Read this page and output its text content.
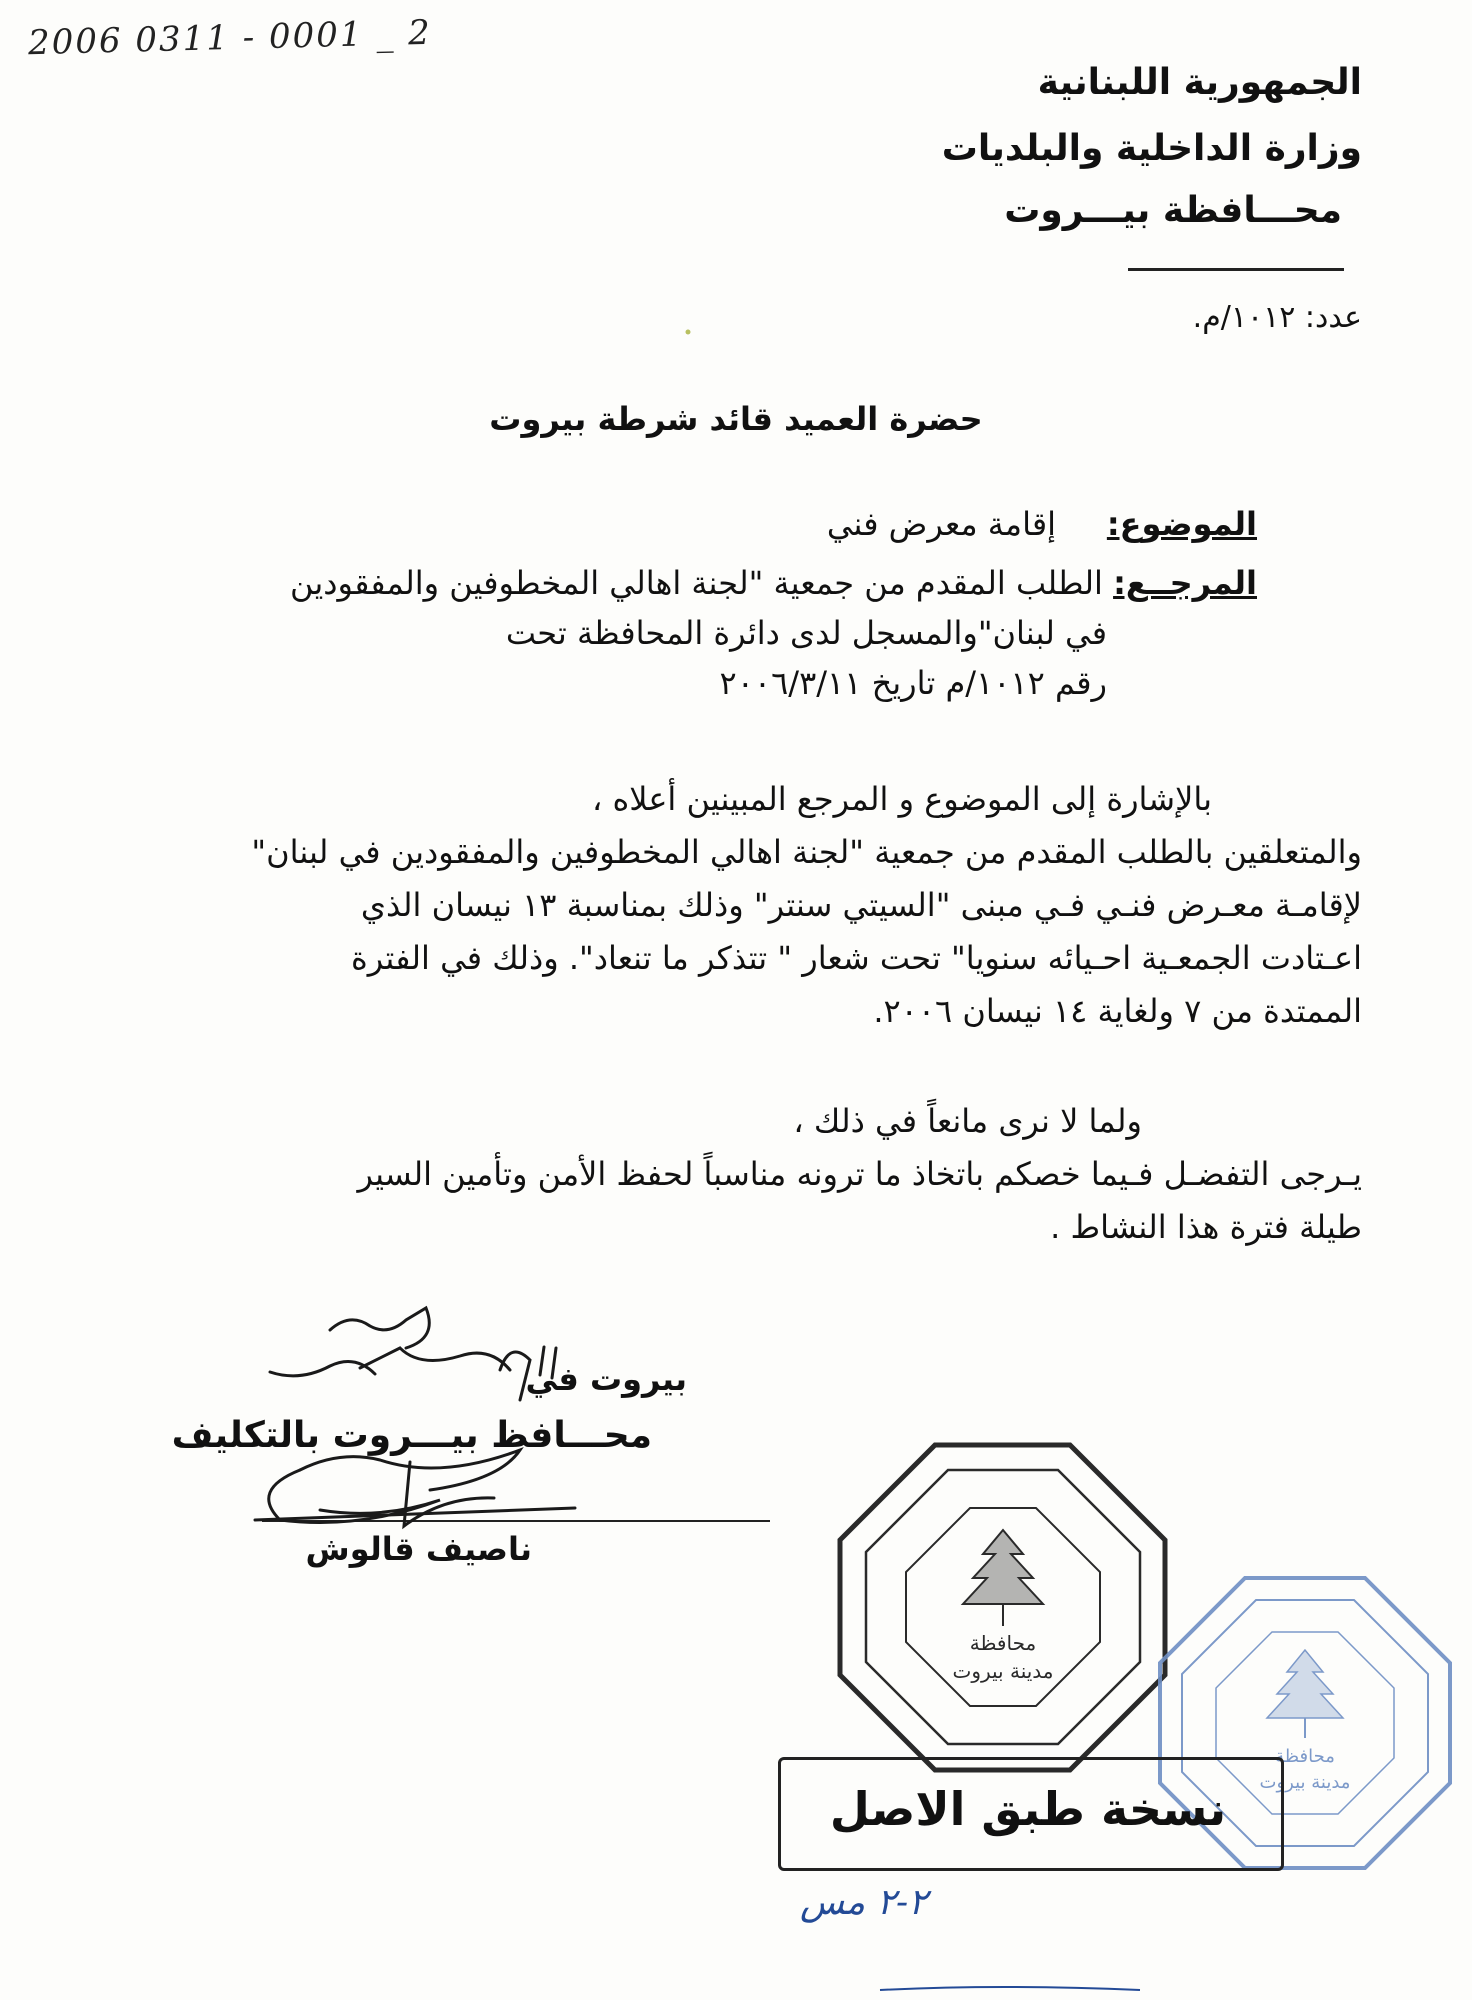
2006 0311 - 0001 _ 2
الجمهورية اللبنانية
وزارة الداخلية والبلديات
محـــافظة بيـــروت
عدد: ١٠١٢/م.
حضرة العميد قائد شرطة بيروت
الموضوع:     إقامة معرض فني
المرجــع: الطلب المقدم من جمعية "لجنة اهالي المخطوفين والمفقودين
في لبنان"والمسجل لدى دائرة المحافظة تحت
رقم ١٠١٢/م تاريخ ٢٠٠٦/٣/١١
بالإشارة إلى الموضوع و المرجع المبينين أعلاه ،
والمتعلقين بالطلب المقدم من جمعية "لجنة اهالي المخطوفين والمفقودين في لبنان"
لإقامـة معـرض فنـي فـي مبنى "السيتي سنتر" وذلك بمناسبة ١٣ نيسان الذي
اعـتادت الجمعـية احـيائه سنويا" تحت شعار " تتذكر ما تنعاد". وذلك في الفترة
الممتدة من ٧ ولغاية ١٤ نيسان ٢٠٠٦.
ولما لا نرى مانعاً في ذلك ،
يـرجى التفضـل فـيما خصكم باتخاذ ما ترونه مناسباً لحفظ الأمن وتأمين السير
طيلة فترة هذا النشاط .
بيروت في
محـــافظ بيـــروت بالتكليف
ناصيف قالوش
محافظة
مدينة بيروت
محافظة
مدينة بيروت
نسخة طبق الاصل
٢-٢ مس
